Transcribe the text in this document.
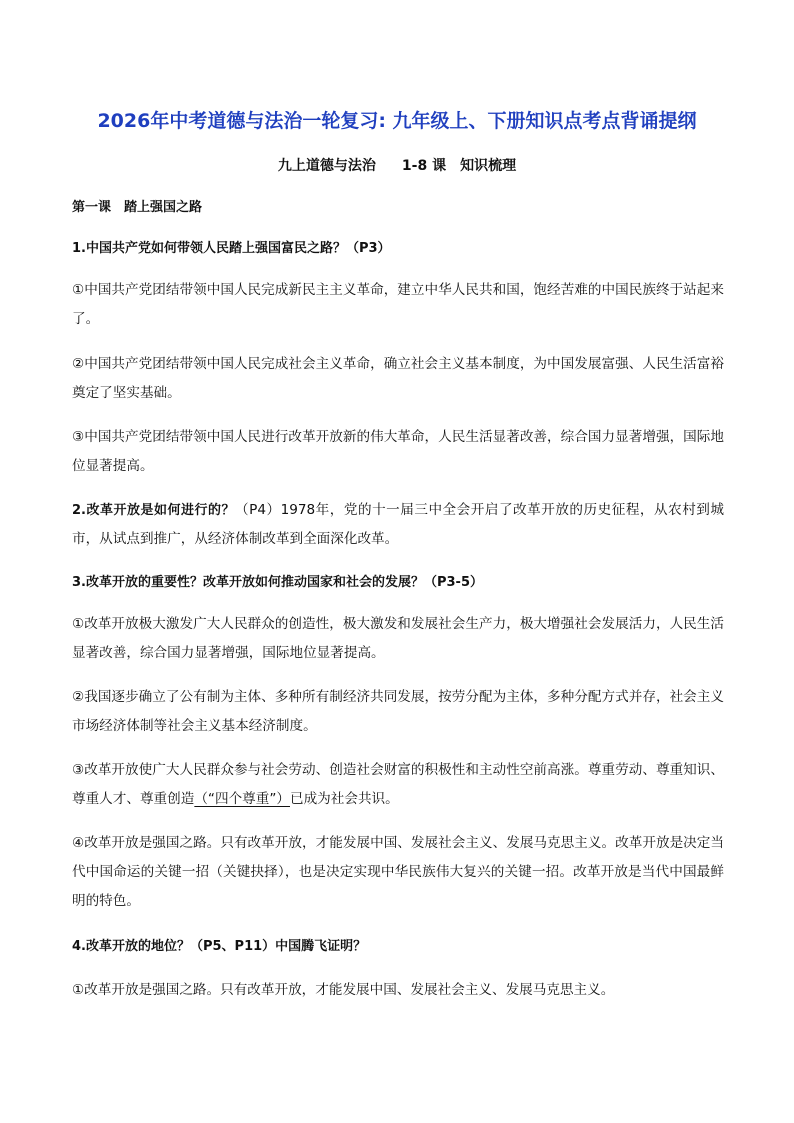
2026年中考道德与法治一轮复习: 九年级上、下册知识点考点背诵提纲
九上道德与法治 1-8 课 知识梳理
第一课　踏上强国之路
1.中国共产党如何带领人民踏上强国富民之路？（P3）
①中国共产党团结带领中国人民完成新民主主义革命，建立中华人民共和国，饱经苦难的中国民族终于站起来了。
②中国共产党团结带领中国人民完成社会主义革命，确立社会主义基本制度，为中国发展富强、人民生活富裕奠定了坚实基础。
③中国共产党团结带领中国人民进行改革开放新的伟大革命，人民生活显著改善，综合国力显著增强，国际地位显著提高。
2.改革开放是如何进行的？（P4）1978年，党的十一届三中全会开启了改革开放的历史征程，从农村到城市，从试点到推广，从经济体制改革到全面深化改革。
3.改革开放的重要性？改革开放如何推动国家和社会的发展？（P3-5）
①改革开放极大激发广大人民群众的创造性，极大激发和发展社会生产力，极大增强社会发展活力，人民生活显著改善，综合国力显著增强，国际地位显著提高。
②我国逐步确立了公有制为主体、多种所有制经济共同发展，按劳分配为主体，多种分配方式并存，社会主义市场经济体制等社会主义基本经济制度。
③改革开放使广大人民群众参与社会劳动、创造社会财富的积极性和主动性空前高涨。尊重劳动、尊重知识、尊重人才、尊重创造（“四个尊重”）已成为社会共识。
④改革开放是强国之路。只有改革开放，才能发展中国、发展社会主义、发展马克思主义。改革开放是决定当代中国命运的关键一招（关键抉择），也是决定实现中华民族伟大复兴的关键一招。改革开放是当代中国最鲜明的特色。
4.改革开放的地位？（P5、P11）中国腾飞证明？
①改革开放是强国之路。只有改革开放，才能发展中国、发展社会主义、发展马克思主义。
